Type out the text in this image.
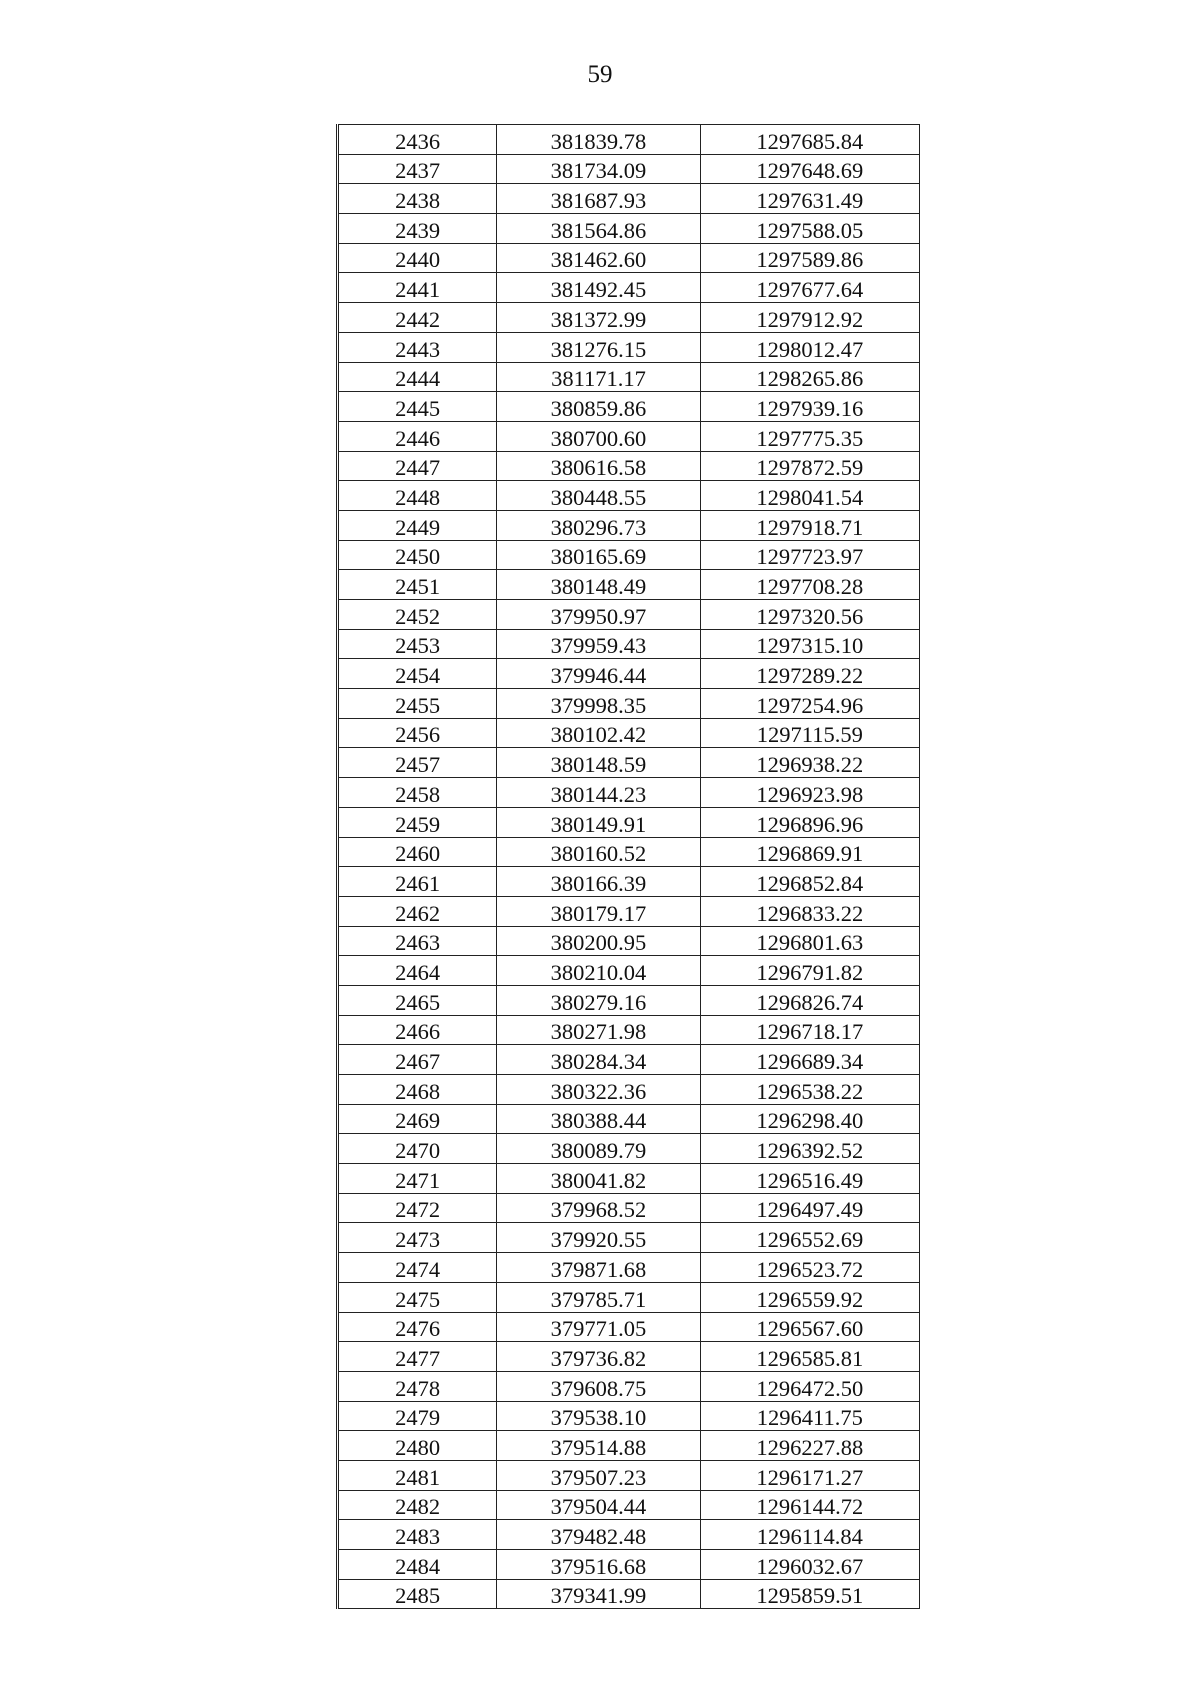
59
2436	381839.78	1297685.84
2437	381734.09	1297648.69
2438	381687.93	1297631.49
2439	381564.86	1297588.05
2440	381462.60	1297589.86
2441	381492.45	1297677.64
2442	381372.99	1297912.92
2443	381276.15	1298012.47
2444	381171.17	1298265.86
2445	380859.86	1297939.16
2446	380700.60	1297775.35
2447	380616.58	1297872.59
2448	380448.55	1298041.54
2449	380296.73	1297918.71
2450	380165.69	1297723.97
2451	380148.49	1297708.28
2452	379950.97	1297320.56
2453	379959.43	1297315.10
2454	379946.44	1297289.22
2455	379998.35	1297254.96
2456	380102.42	1297115.59
2457	380148.59	1296938.22
2458	380144.23	1296923.98
2459	380149.91	1296896.96
2460	380160.52	1296869.91
2461	380166.39	1296852.84
2462	380179.17	1296833.22
2463	380200.95	1296801.63
2464	380210.04	1296791.82
2465	380279.16	1296826.74
2466	380271.98	1296718.17
2467	380284.34	1296689.34
2468	380322.36	1296538.22
2469	380388.44	1296298.40
2470	380089.79	1296392.52
2471	380041.82	1296516.49
2472	379968.52	1296497.49
2473	379920.55	1296552.69
2474	379871.68	1296523.72
2475	379785.71	1296559.92
2476	379771.05	1296567.60
2477	379736.82	1296585.81
2478	379608.75	1296472.50
2479	379538.10	1296411.75
2480	379514.88	1296227.88
2481	379507.23	1296171.27
2482	379504.44	1296144.72
2483	379482.48	1296114.84
2484	379516.68	1296032.67
2485	379341.99	1295859.51
